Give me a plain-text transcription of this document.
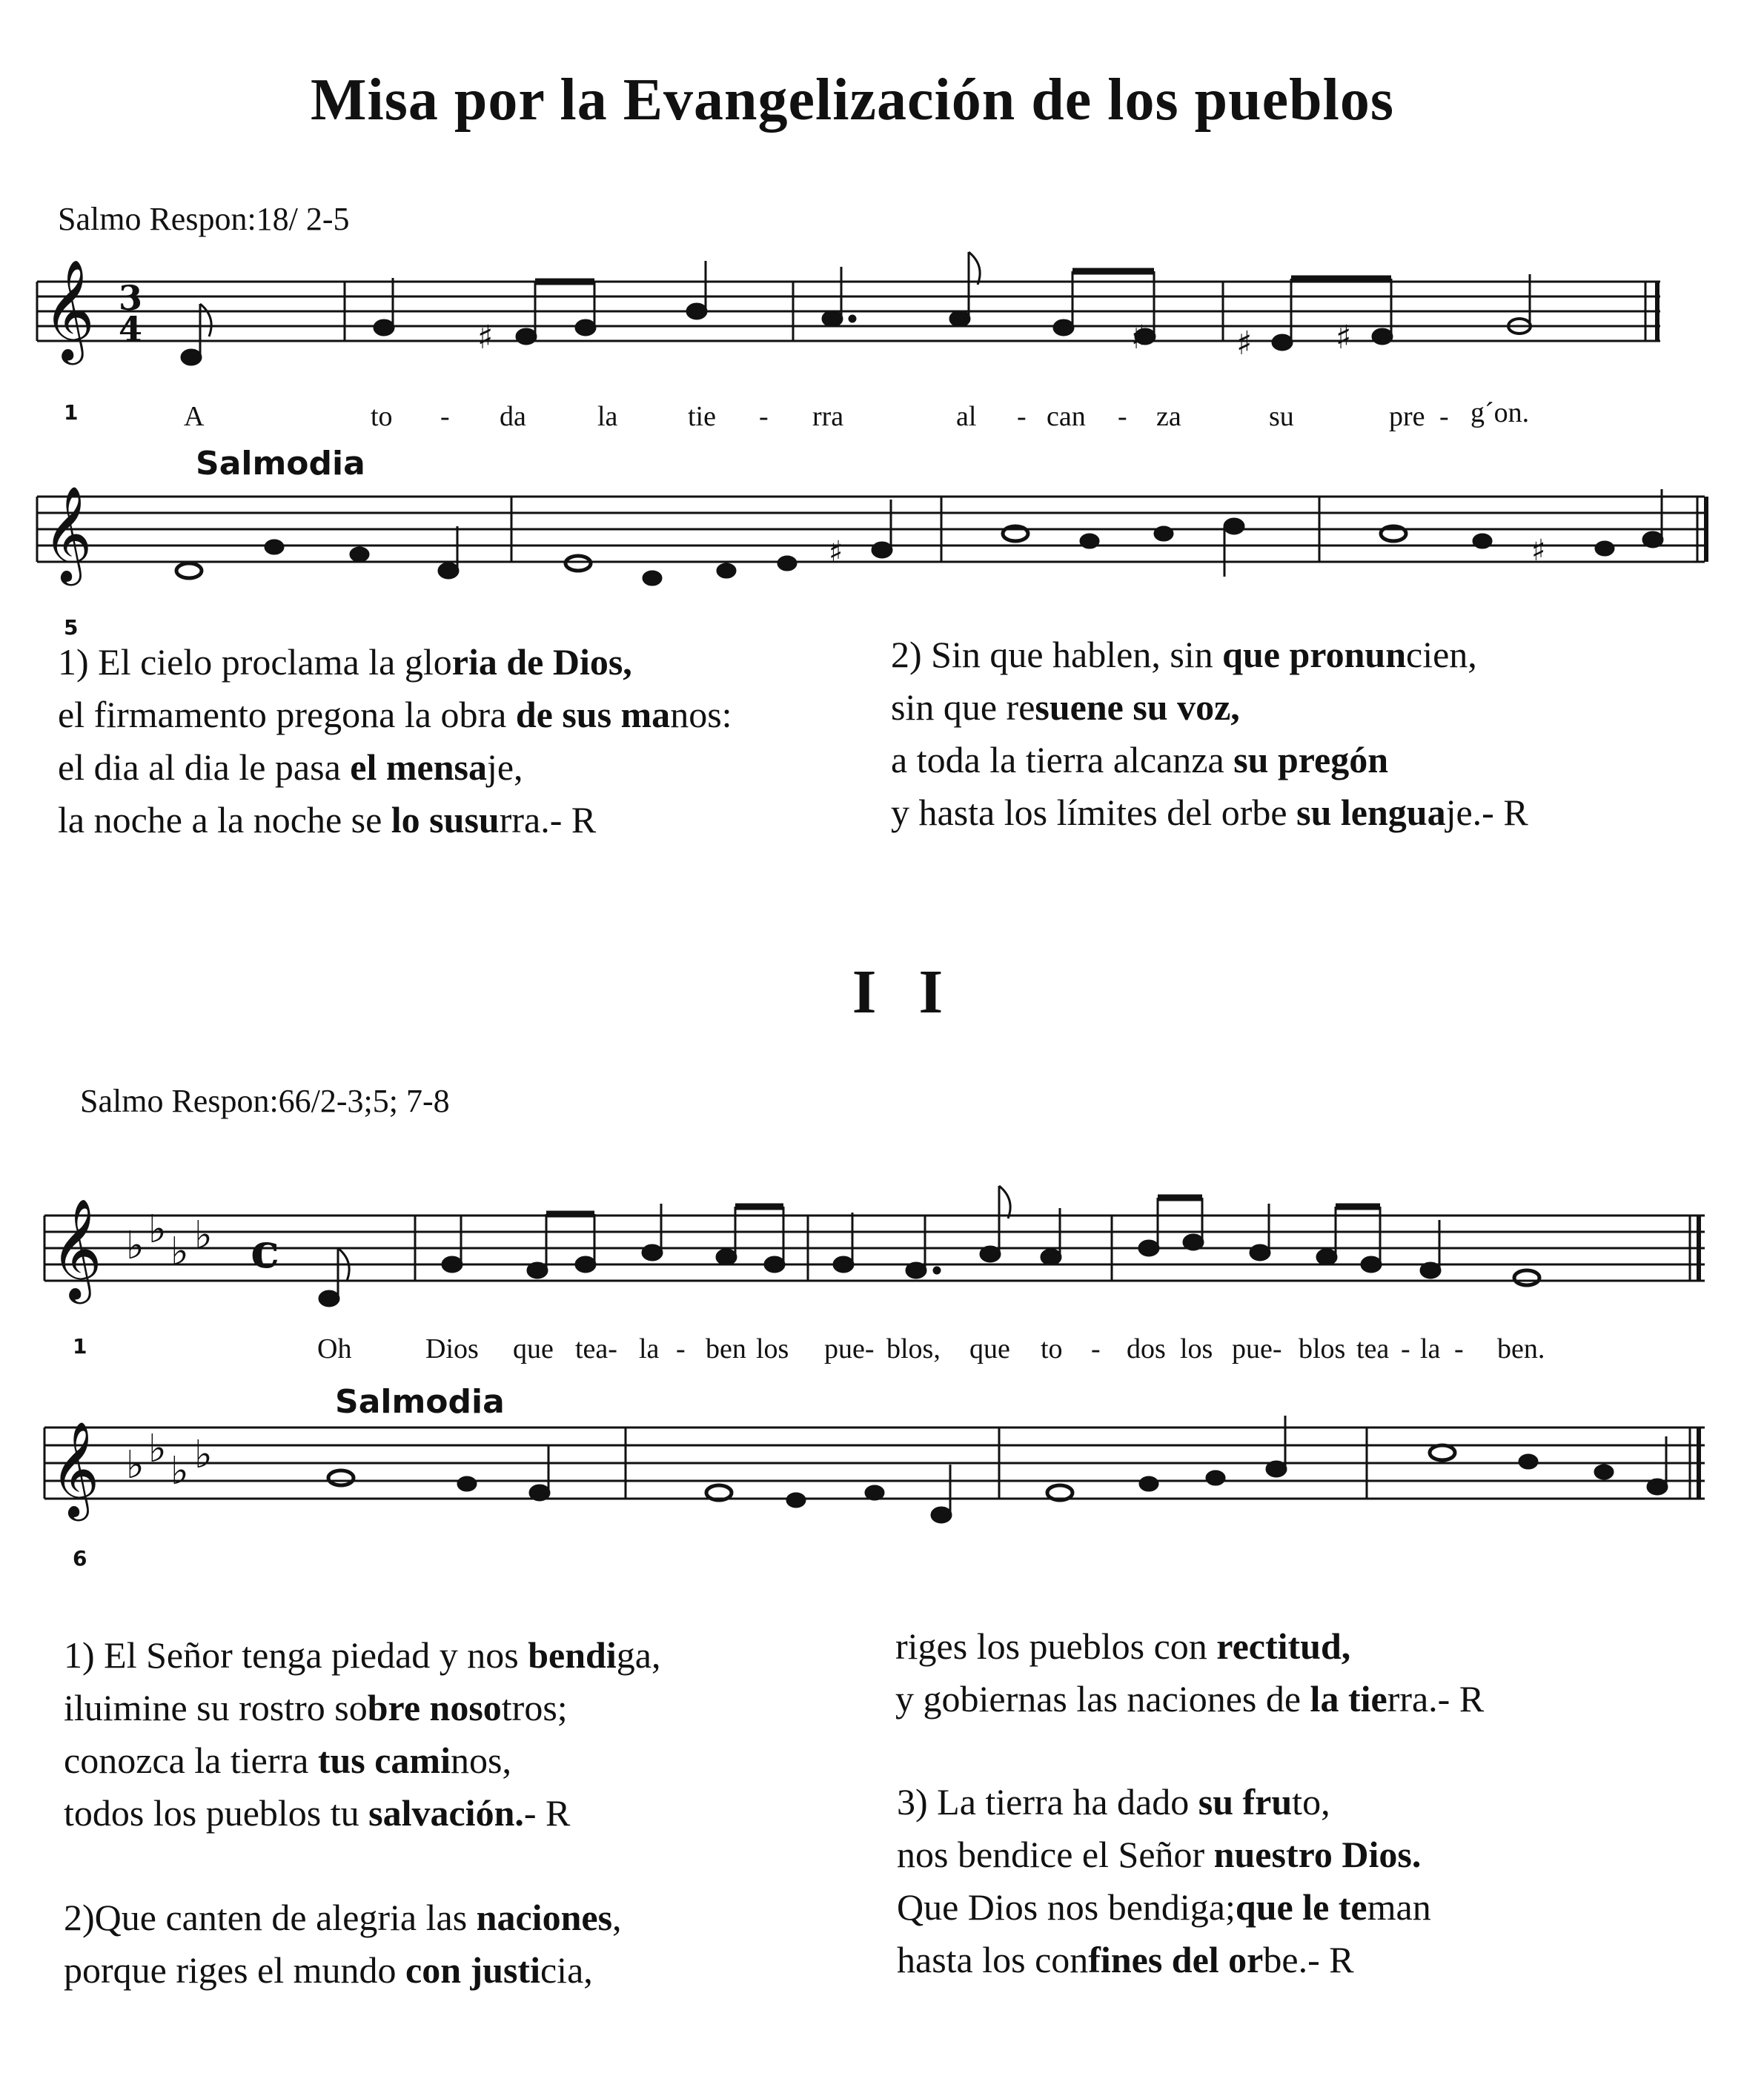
Misa por la Evangelización de los pueblos
Salmo Respon:18/ 2-5
𝄞 3
4	♯	♯	♯	♯
1	A	to - da	la tie - rra	al - can - za	su	pre - g´on.
Salmodia
𝄞	♯	♯
5
1) El cielo proclama la gloria de Dios,
el firmamento pregona la obra de sus manos:
el dia al dia le pasa el mensaje,
la noche a la noche se lo susurra.- R
2) Sin que hablen, sin que pronuncien,
sin que resuene su voz,
a toda la tierra alcanza su pregón
y hasta los límites del orbe su lenguaje.- R
I I
Salmo Respon:66/2-3;5; 7-8
𝄞 ♭ ♭ ♭ ♭ c
1	Oh	Dios que tea- la - ben los pue- blos, que to - dos los pue- blos tea - la - ben.
Salmodia
𝄞 ♭ ♭ ♭ ♭
6
1) El Señor tenga piedad y nos bendiga,
iluimine su rostro sobre nosotros;
conozca la tierra tus caminos,
todos los pueblos tu salvación.- R
2)Que canten de alegria las naciones,
porque riges el mundo con justicia,
riges los pueblos con rectitud,
y gobiernas las naciones de la tierra.- R
3) La tierra ha dado su fruto,
nos bendice el Señor nuestro Dios.
Que Dios nos bendiga;que le teman
hasta los confines del orbe.- R
